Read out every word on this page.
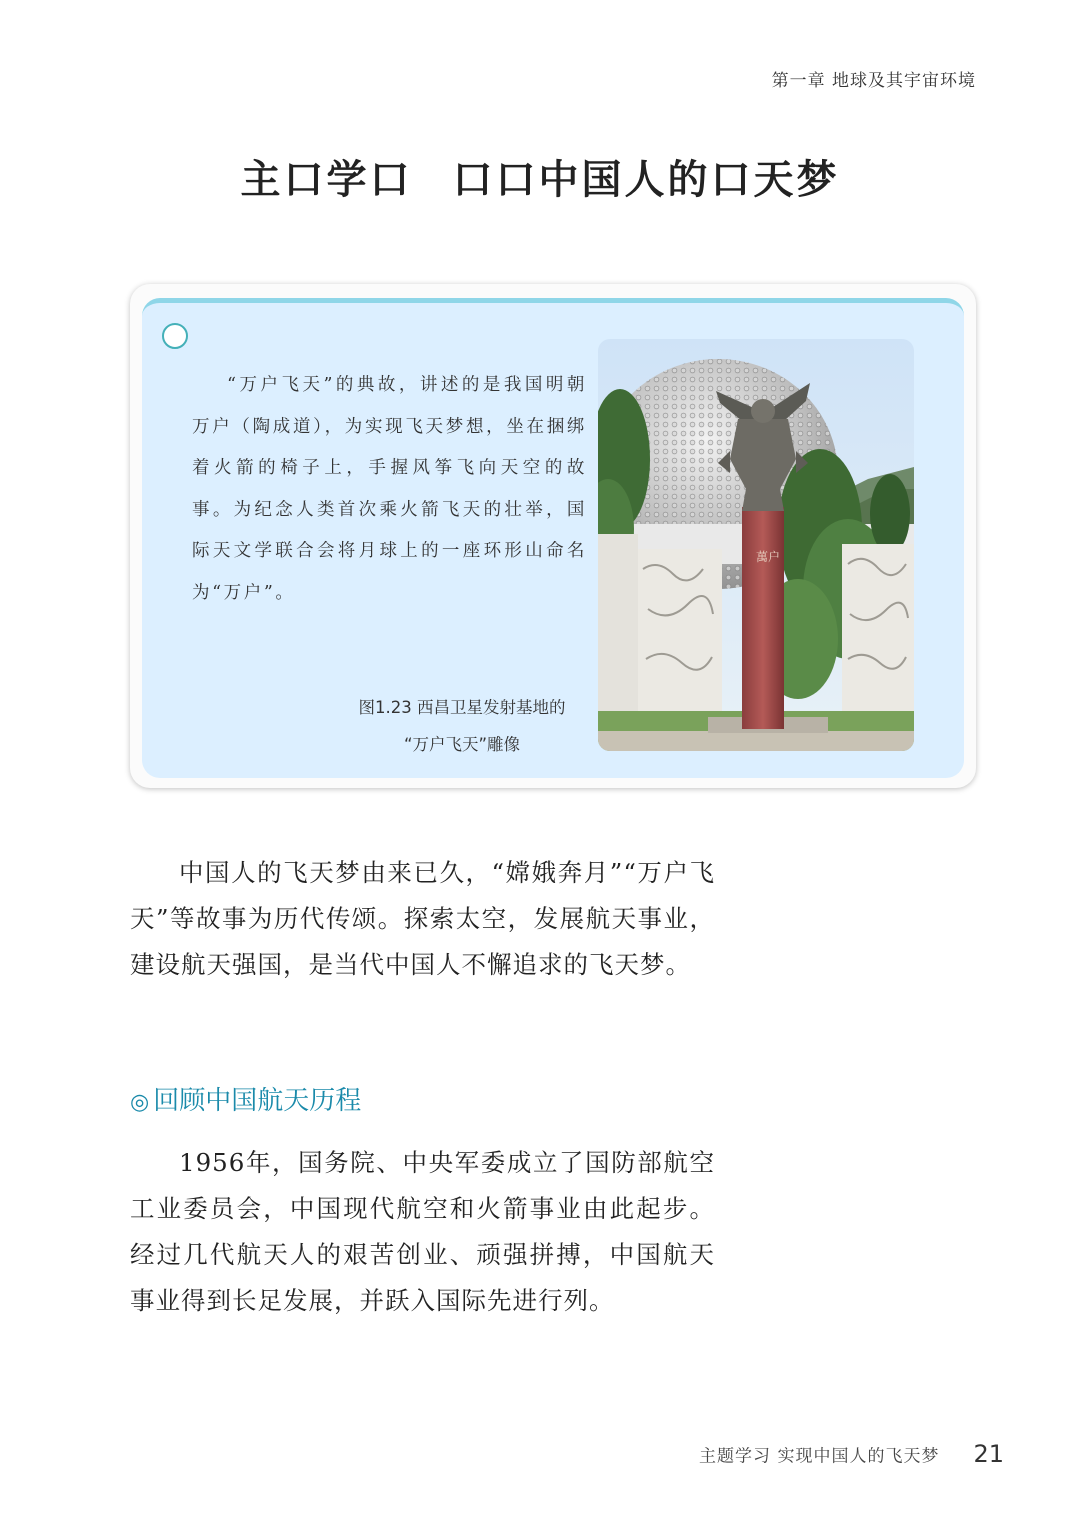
第一章 地球及其宇宙环境
主口学口 口口中国人的口天梦
“万户飞天”的典故，讲述的是我国明朝万户（陶成道），为实现飞天梦想，坐在捆绑着火箭的椅子上，手握风筝飞向天空的故事。为纪念人类首次乘火箭飞天的壮举，国际天文学联合会将月球上的一座环形山命名为“万户”。
图1.23 西昌卫星发射基地的
“万户飞天”雕像
萬户
中国人的飞天梦由来已久，“嫦娥奔月”“万户飞天”等故事为历代传颂。探索太空，发展航天事业，建设航天强国，是当代中国人不懈追求的飞天梦。
◎ 回顾中国航天历程
1956年，国务院、中央军委成立了国防部航空工业委员会，中国现代航空和火箭事业由此起步。经过几代航天人的艰苦创业、顽强拼搏，中国航天事业得到长足发展，并跃入国际先进行列。
主题学习 实现中国人的飞天梦 21
